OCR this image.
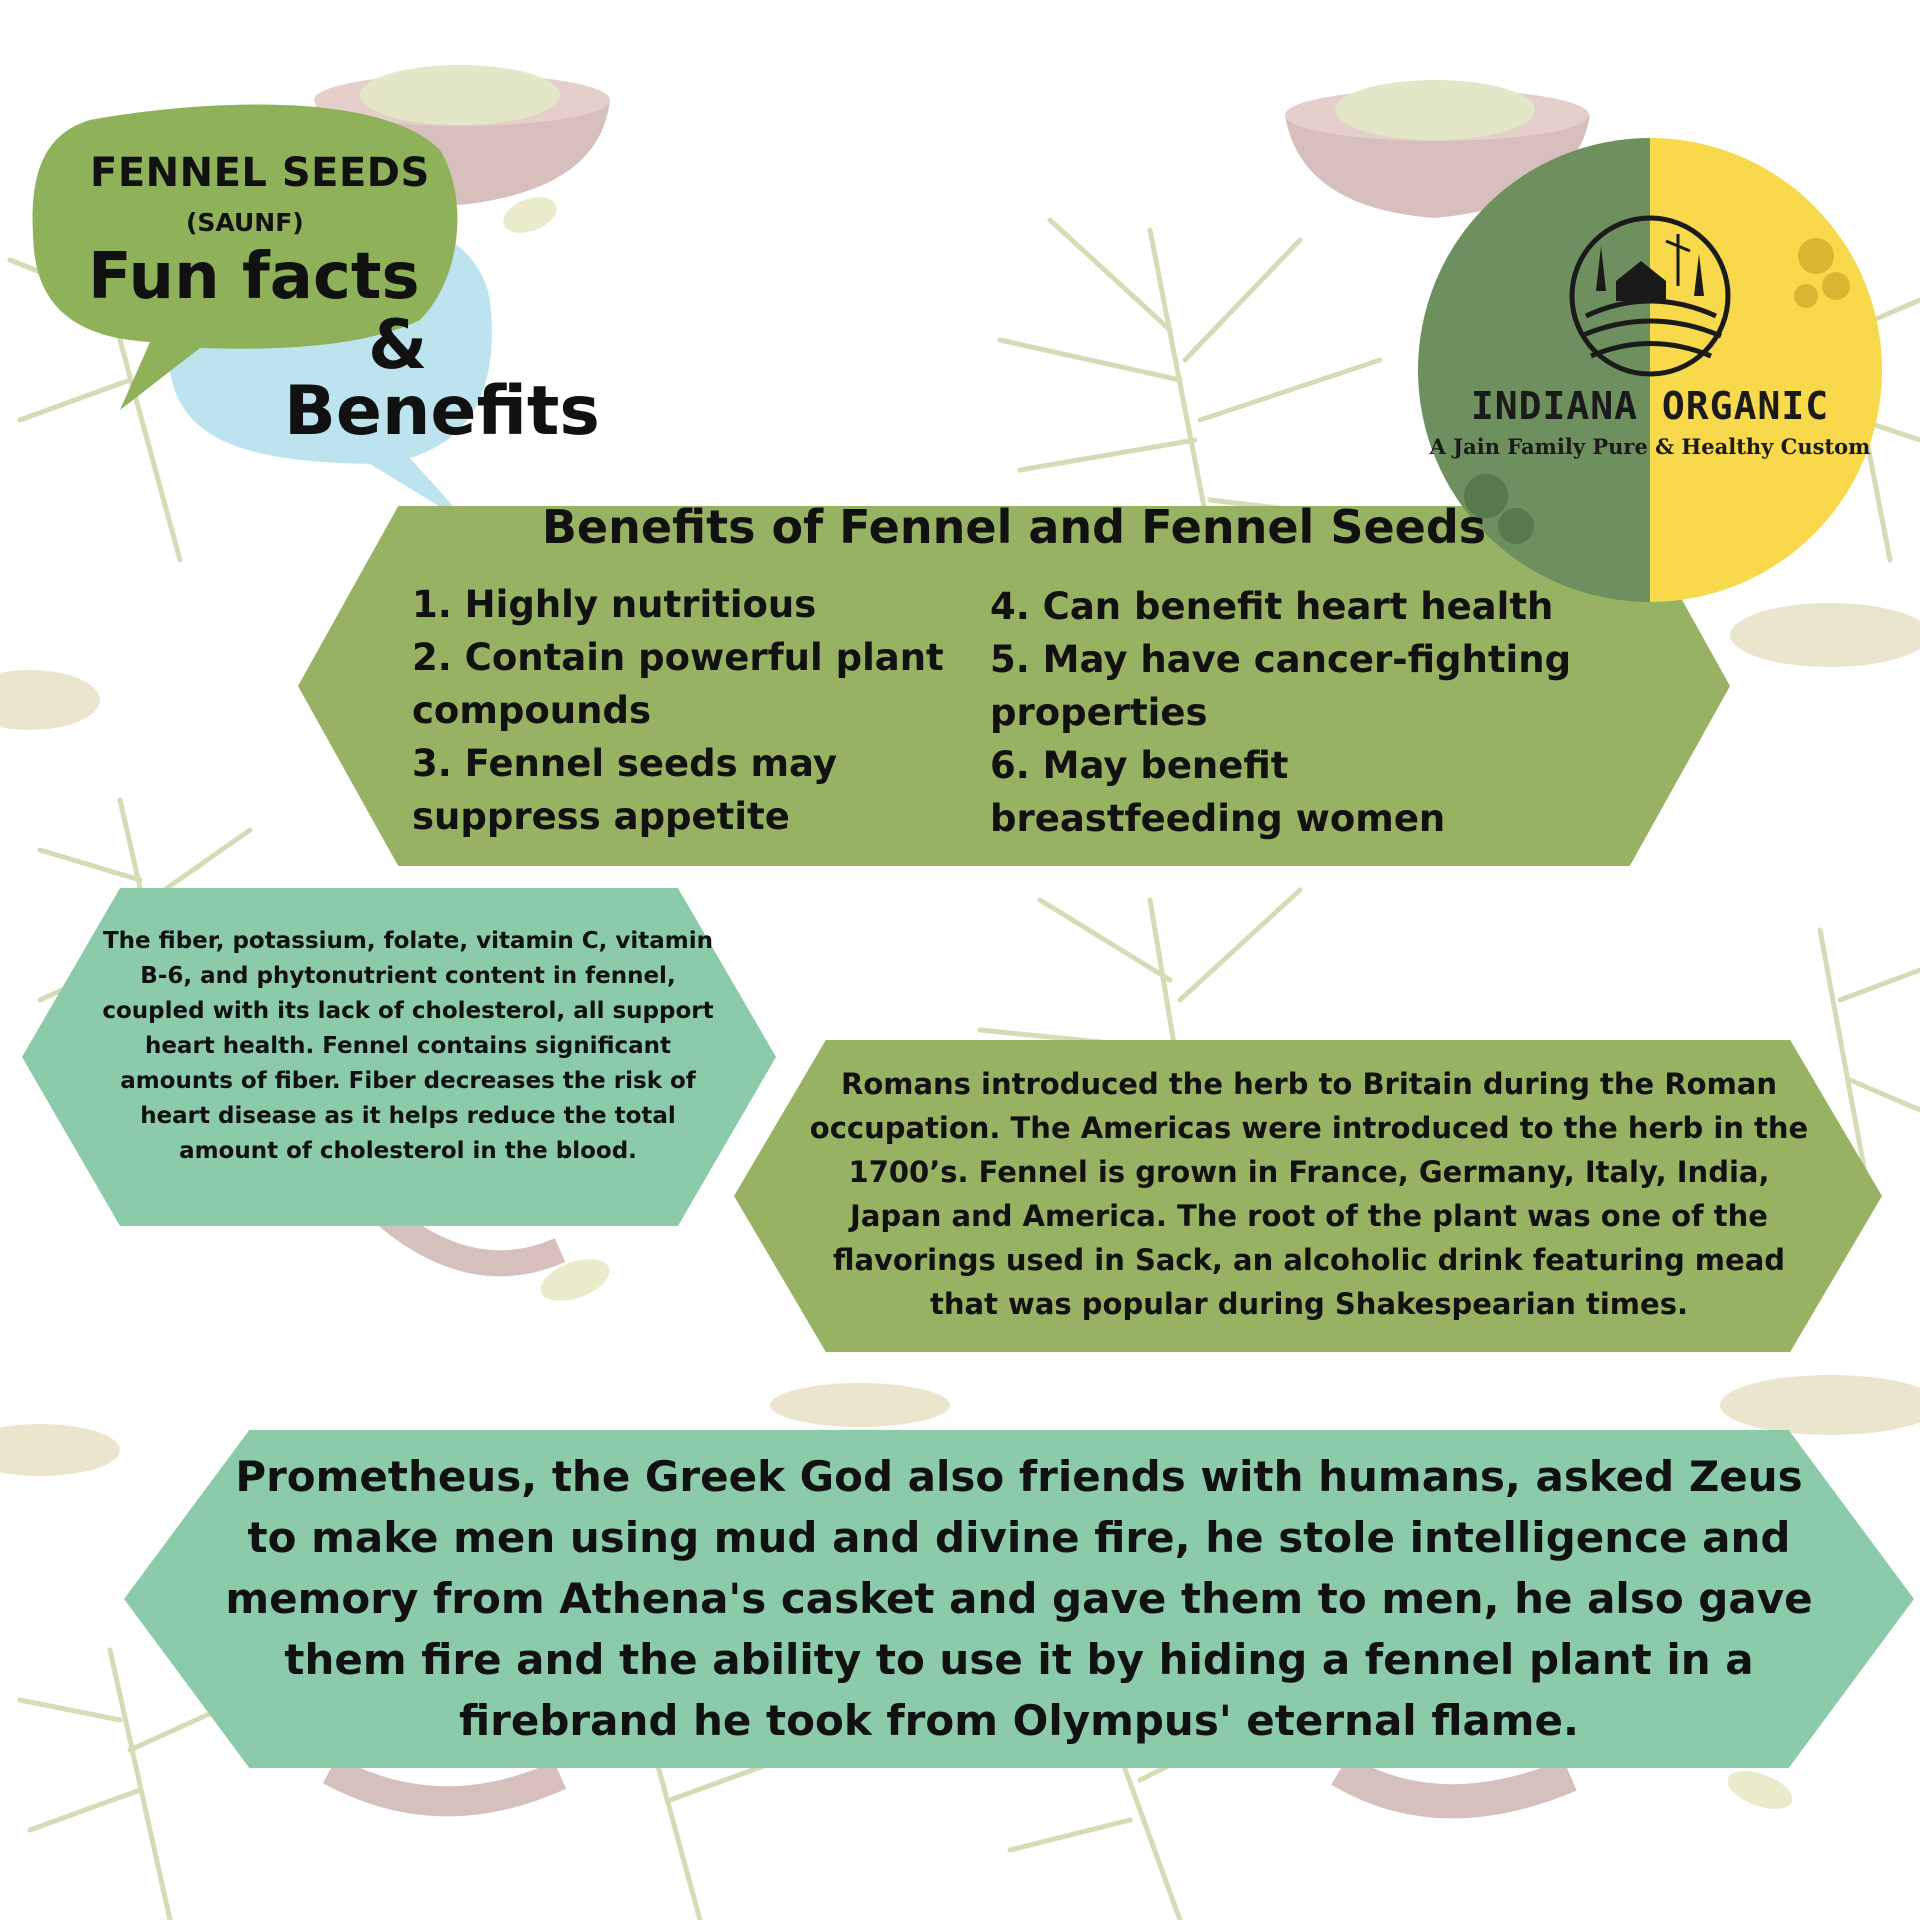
FENNEL SEEDS
(SAUNF)
Fun facts
&
Benefits	INDIANA ORGANIC
A Jain Family Pure & Healthy Custom
Benefits of Fennel and Fennel Seeds
1. Highly nutritious
2. Contain powerful plant compounds
3. Fennel seeds may suppress appetite
4. Can benefit heart health
5. May have cancer-fighting properties
6. May benefit breastfeeding women
The fiber, potassium, folate, vitamin C, vitamin B-6, and phytonutrient content in fennel, coupled with its lack of cholesterol, all support heart health. Fennel contains significant amounts of fiber. Fiber decreases the risk of heart disease as it helps reduce the total amount of cholesterol in the blood.
Romans introduced the herb to Britain during the Roman occupation. The Americas were introduced to the herb in the 1700’s. Fennel is grown in France, Germany, Italy, India, Japan and America. The root of the plant was one of the flavorings used in Sack, an alcoholic drink featuring mead that was popular during Shakespearian times.
Prometheus, the Greek God also friends with humans, asked Zeus to make men using mud and divine fire, he stole intelligence and memory from Athena's casket and gave them to men, he also gave them fire and the ability to use it by hiding a fennel plant in a firebrand he took from Olympus' eternal flame.
